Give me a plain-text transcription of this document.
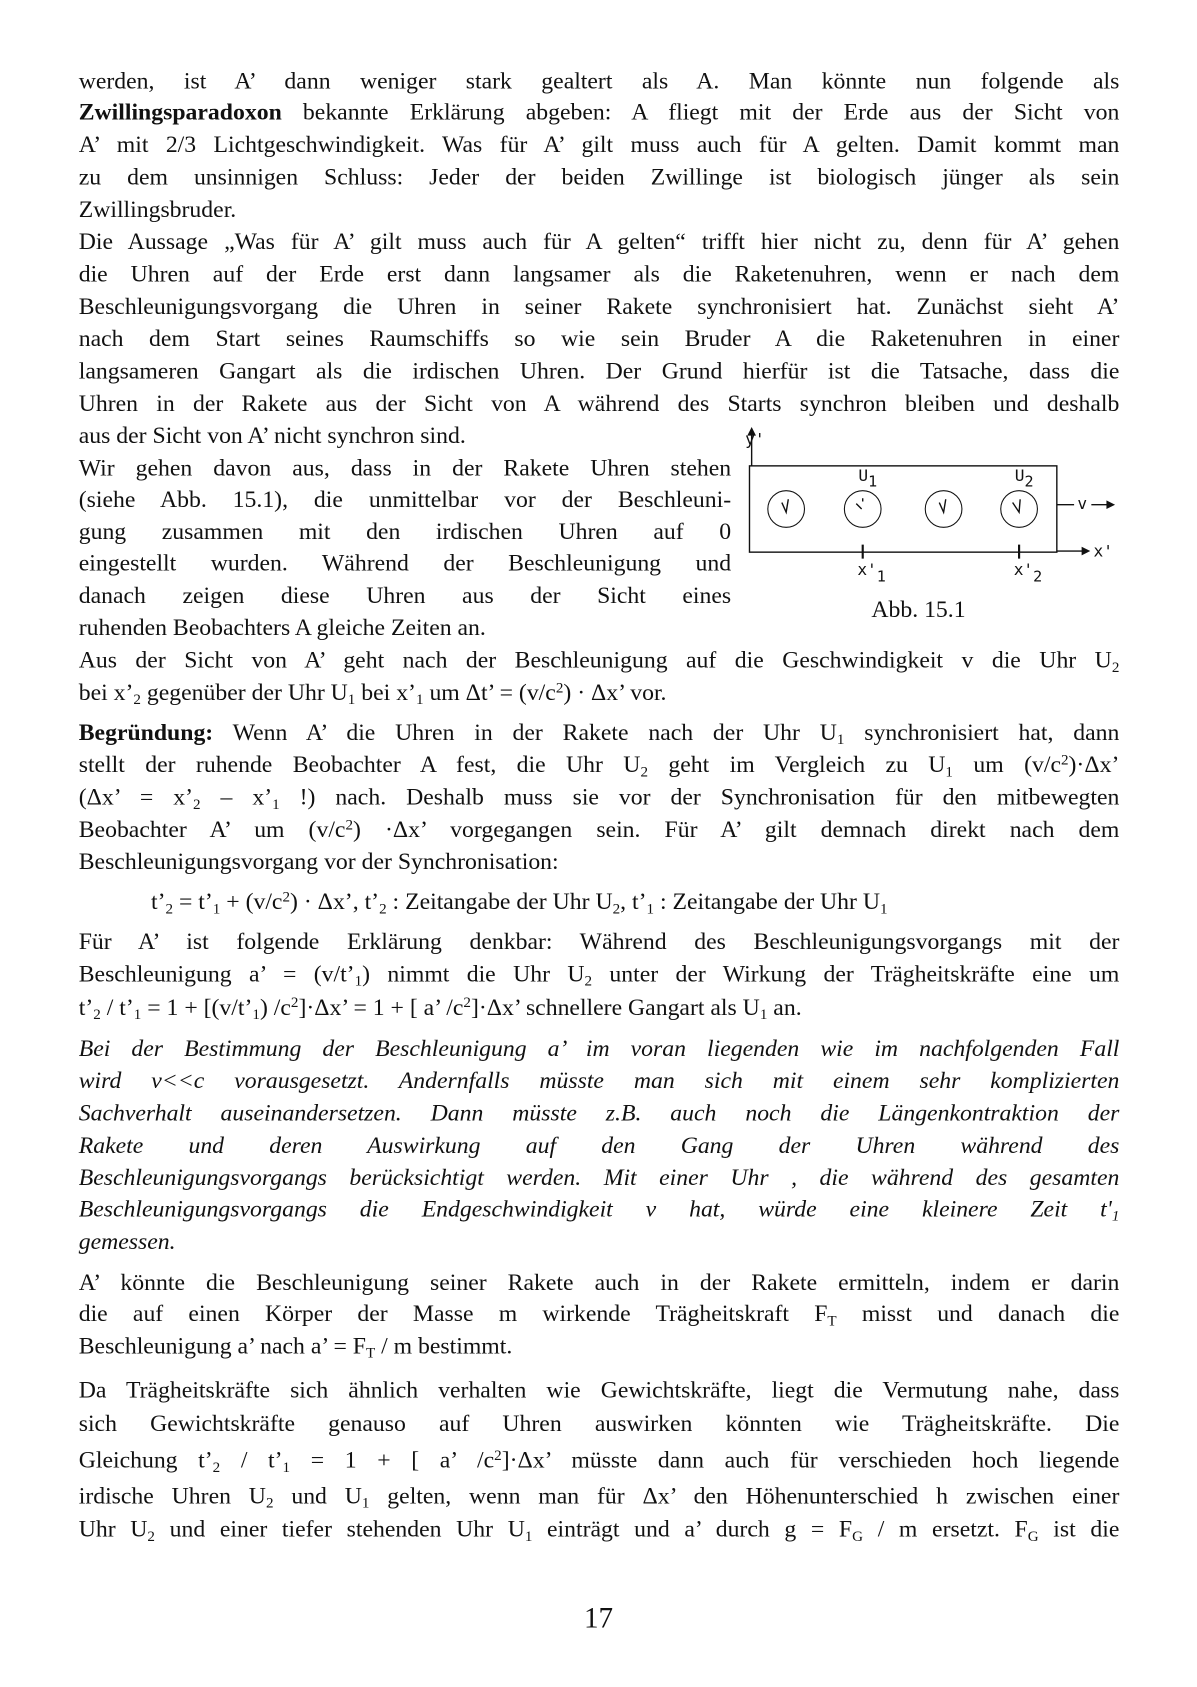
werden, ist A’ dann weniger stark gealtert als A. Man könnte nun folgende als
Zwillingsparadoxon bekannte Erklärung abgeben: A fliegt mit der Erde aus der Sicht von
A’ mit 2/3 Lichtgeschwindigkeit. Was für A’ gilt muss auch für A gelten. Damit kommt man
zu dem unsinnigen Schluss: Jeder der beiden Zwillinge ist biologisch jünger als sein
Zwillingsbruder.
Die Aussage „Was für A’ gilt muss auch für A gelten“ trifft hier nicht zu, denn für A’ gehen
die Uhren auf der Erde erst dann langsamer als die Raketenuhren, wenn er nach dem
Beschleunigungsvorgang die Uhren in seiner Rakete synchronisiert hat. Zunächst sieht A’
nach dem Start seines Raumschiffs so wie sein Bruder A die Raketenuhren in einer
langsameren Gangart als die irdischen Uhren. Der Grund hierfür ist die Tatsache, dass die
Uhren in der Rakete aus der Sicht von A während des Starts synchron bleiben und deshalb
aus der Sicht von A’ nicht synchron sind.
Wir gehen davon aus, dass in der Rakete Uhren stehen
(siehe Abb. 15.1), die unmittelbar vor der Beschleuni-
gung zusammen mit den irdischen Uhren auf 0
eingestellt wurden. Während der Beschleunigung und
danach zeigen diese Uhren aus der Sicht eines
ruhenden Beobachters A gleiche Zeiten an.
Aus der Sicht von A’ geht nach der Beschleunigung auf die Geschwindigkeit v die Uhr $U_2$
bei $x’_2$ gegenüber der Uhr $U_1$ bei $x’_1$ um Δt’ = $(v/c^2) \cdot \Delta x$’ vor.
Begründung: Wenn A’ die Uhren in der Rakete nach der Uhr $U_1$ synchronisiert hat, dann
stellt der ruhende Beobachter A fest, die Uhr $U_2$ geht im Vergleich zu $U_1$ um $(v/c^2)\cdot\Delta x$’
(Δx’ = $x’_2$ – $x’_1$ !) nach. Deshalb muss sie vor der Synchronisation für den mitbewegten
Beobachter A’ um $(v/c^2) \cdot\Delta x$’ vorgegangen sein. Für A’ gilt demnach direkt nach dem
Beschleunigungsvorgang vor der Synchronisation:
$t’_2$ = $t’_1 + (v/c^2) \cdot \Delta x$’, $t’_2$ : Zeitangabe der Uhr $U_2$, $t’_1$ : Zeitangabe der Uhr $U_1$
Für A’ ist folgende Erklärung denkbar: Während des Beschleunigungsvorgangs mit der
Beschleunigung a’ = $(v/t’_1)$ nimmt die Uhr $U_2$ unter der Wirkung der Trägheitskräfte eine um
$t’_2$ / $t’_1 = 1$ + $[(v/t’_1) /c^2]\cdot\Delta x$’ = 1 + [ a’ $/c^2]\cdot\Delta x$’ schnellere Gangart als $U_1$ an.
Bei der Bestimmung der Beschleunigung a’ im voran liegenden wie im nachfolgenden Fall
wird v<<c vorausgesetzt. Andernfalls müsste man sich mit einem sehr komplizierten
Sachverhalt auseinandersetzen. Dann müsste z.B. auch noch die Längenkontraktion der
Rakete und deren Auswirkung auf den Gang der Uhren während des
Beschleunigungsvorgangs berücksichtigt werden. Mit einer Uhr , die während des gesamten
Beschleunigungsvorgangs die Endgeschwindigkeit v hat, würde eine kleinere Zeit $t'_1$
gemessen.
A’ könnte die Beschleunigung seiner Rakete auch in der Rakete ermitteln, indem er darin
die auf einen Körper der Masse m wirkende Trägheitskraft $F_T$ misst und danach die
Beschleunigung a’ nach a’ = $F_T$ / m bestimmt.
Da Trägheitskräfte sich ähnlich verhalten wie Gewichtskräfte, liegt die Vermutung nahe, dass
sich Gewichtskräfte genauso auf Uhren auswirken könnten wie Trägheitskräfte. Die
Gleichung $t’_2$ / $t’_1 = 1$ + [ a’ $/c^2]\cdot\Delta x$’ müsste dann auch für verschieden hoch liegende
irdische Uhren $U_2$ und $U_1$ gelten, wenn man für Δx’ den Höhenunterschied h zwischen einer
Uhr $U_2$ und einer tiefer stehenden Uhr $U_1$ einträgt und a’ durch $g = F_G / m$ ersetzt. $F_G$ ist die
y'
x'
v
U1	U2
x'1	x'2
Abb. 15.1
17
